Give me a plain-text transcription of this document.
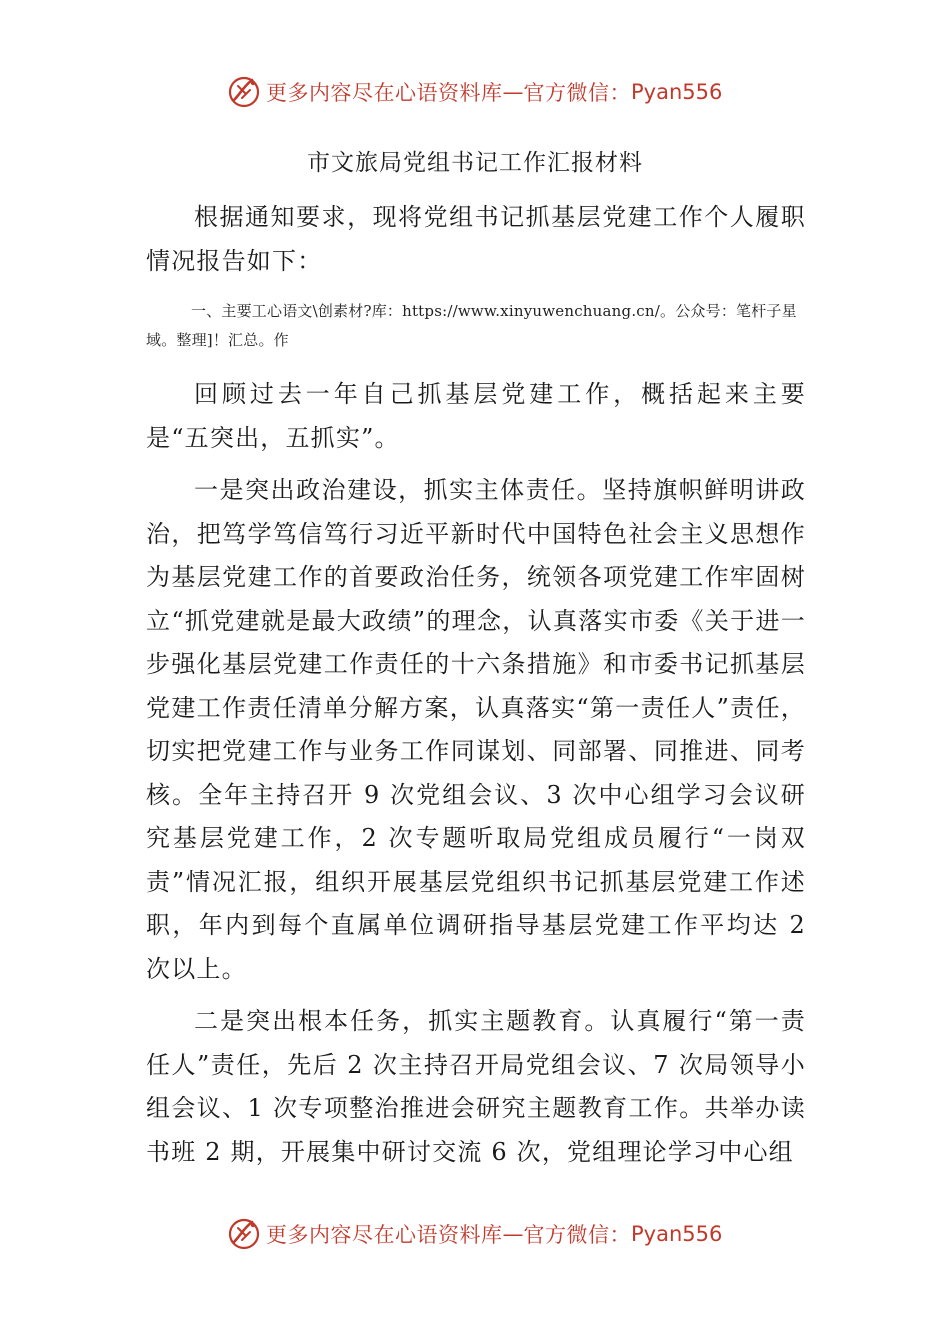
更多内容尽在心语资料库 — 官方微信： Pyan556
市文旅局党组书记工作汇报材料

根据通知要求，现将党组书记抓基层党建工作个人履职情况报告如下：

一、主要工心语文\创素材?库：https://www.xinyuwenchuang.cn/。公众号：笔杆子星域。整理]！汇总。作

回顾过去一年自己抓基层党建工作，概括起来主要是“五突出，五抓实”。

一是突出政治建设，抓实主体责任。坚持旗帜鲜明讲政治，把笃学笃信笃行习近平新时代中国特色社会主义思想作为基层党建工作的首要政治任务，统领各项党建工作牢固树立“抓党建就是最大政绩”的理念，认真落实市委《关于进一步强化基层党建工作责任的十六条措施》和市委书记抓基层党建工作责任清单分解方案，认真落实“第一责任人”责任，切实把党建工作与业务工作同谋划、同部署、同推进、同考核。全年主持召开 9 次党组会议、3 次中心组学习会议研究基层党建工作，2 次专题听取局党组成员履行“一岗双责”情况汇报，组织开展基层党组织书记抓基层党建工作述职，年内到每个直属单位调研指导基层党建工作平均达 2 次以上。

二是突出根本任务，抓实主题教育。认真履行“第一责任人”责任，先后 2 次主持召开局党组会议、7 次局领导小组会议、1 次专项整治推进会研究主题教育工作。共举办读书班 2 期，开展集中研讨交流 6 次，党组理论学习中心组

更多内容尽在心语资料库 — 官方微信： Pyan556
